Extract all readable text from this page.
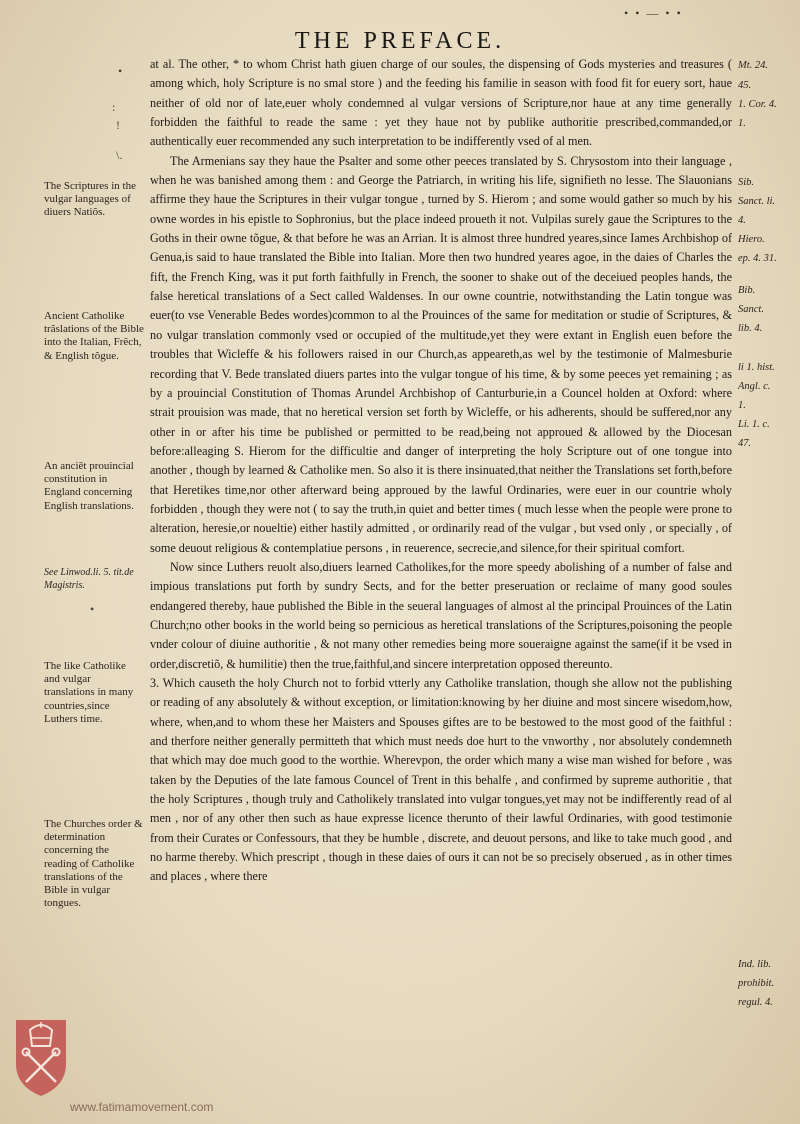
• • — • •
THE PREFACE.
•
:
!
\.
•

at al. The other, * to whom Christ hath giuen charge of our soules, the dispensing of Gods mysteries and treasures ( among which, holy Scripture is no smal store ) and the feeding his familie in season with food fit for euery sort, haue neither of old nor of late,euer wholy condemned al vulgar versions of Scripture,nor haue at any time generally forbidden the faithful to reade the same : yet they haue not by publike authoritie prescribed,commanded,or authentically euer recommended any such interpretation to be indifferently vsed of al men.

The Armenians say they haue the Psalter and some other peeces translated by S. Chrysostom into their language , when he was banished among them : and George the Patriarch, in writing his life, signifieth no lesse. The Slauonians affirme they haue the Scriptures in their vulgar tongue , turned by S. Hierom ; and some would gather so much by his owne wordes in his epistle to Sophronius, but the place indeed proueth it not. Vulpilas surely gaue the Scriptures to the Goths in their owne tõgue, & that before he was an Arrian. It is almost three hundred yeares,since Iames Archbishop of Genua,is said to haue translated the Bible into Italian. More then two hundred yeares agoe, in the daies of Charles the fift, the French King, was it put forth faithfully in French, the sooner to shake out of the deceiued peoples hands, the false heretical translations of a Sect called Waldenses. In our owne countrie, notwithstanding the Latin tongue was euer(to vse Venerable Bedes wordes)common to al the Prouinces of the same for meditation or studie of Scriptures, & no vulgar translation commonly vsed or occupied of the multitude,yet they were extant in English euen before the troubles that Wicleffe & his followers raised in our Church,as appeareth,as wel by the testimonie of Malmesburie recording that V. Bede translated diuers partes into the vulgar tongue of his time, & by some peeces yet remaining ; as by a prouincial Constitution of Thomas Arundel Archbishop of Canturburie,in a Councel holden at Oxford: where strait prouision was made, that no heretical version set forth by Wicleffe, or his adherents, should be suffered,nor any other in or after his time be published or permitted to be read,being not approued & allowed by the Diocesan before:alleaging S. Hierom for the difficultie and danger of interpreting the holy Scripture out of one tongue into another , though by learned & Catholike men. So also it is there insinuated,that neither the Translations set forth,before that Heretikes time,nor other afterward being approued by the lawful Ordinaries, were euer in our countrie wholy forbidden , though they were not ( to say the truth,in quiet and better times ( much lesse when the people were prone to alteration, heresie,or noueltie) either hastily admitted , or ordinarily read of the vulgar , but vsed only , or specially , of some deuout religious & contemplatiue persons , in reuerence, secrecie,and silence,for their spiritual comfort.

Now since Luthers reuolt also,diuers learned Catholikes,for the more speedy abolishing of a number of false and impious translations put forth by sundry Sects, and for the better preseruation or reclaime of many good soules endangered thereby, haue published the Bible in the seueral languages of almost al the principal Prouinces of the Latin Church;no other books in the world being so pernicious as heretical translations of the Scriptures,poisoning the people vnder colour of diuine authoritie , & not many other remedies being more soueraigne against the same(if it be vsed in order,discretiõ, & humilitie) then the true,faithful,and sincere interpretation opposed thereunto.

3. Which causeth the holy Church not to forbid vtterly any Catholike translation, though she allow not the publishing or reading of any absolutely & without exception, or limitation:knowing by her diuine and most sincere wisedom,how, where, when,and to whom these her Maisters and Spouses giftes are to be bestowed to the most good of the faithful : and therfore neither generally permitteth that which must needs doe hurt to the vnworthy , nor absolutely condemneth that which may doe much good to the worthie. Wherevpon, the order which many a wise man wished for before , was taken by the Deputies of the late famous Councel of Trent in this behalfe , and confirmed by supreme authoritie , that the holy Scriptures , though truly and Catholikely translated into vulgar tongues,yet may not be indifferently read of al men , nor of any other then such as haue expresse licence therunto of their lawful Ordinaries, with good testimonie from their Curates or Confessours, that they be humble , discrete, and deuout persons, and like to take much good , and no harme thereby. Which prescript , though in these daies of ours it can not be so precisely obserued , as in other times and places , where there

The Scriptures in the vulgar languages of diuers Natiõs.
Ancient Catholike trãslations of the Bible into the Italian, Frẽch, & English tõgue.
An anciēt prouincial constitution in England concerning English translations.
See Linwod.li. 5. tit.de Magistris.
The like Catholike and vulgar translations in many countries,since Luthers time.
The Churches order & determination concerning the reading of Catholike translations of the Bible in vulgar tongues.
Mt. 24.
45.
1. Cor. 4.
1.
Sib.
Sanct. li.
4.
Hiero.
ep. 4. 31.
Bib.
Sanct.
lib. 4.
li 1. hist.
Angl. c.
1.
Li. 1. c.
47.
Ind. lib.
prohibit.
regul. 4.
www.fatimamovement.com
